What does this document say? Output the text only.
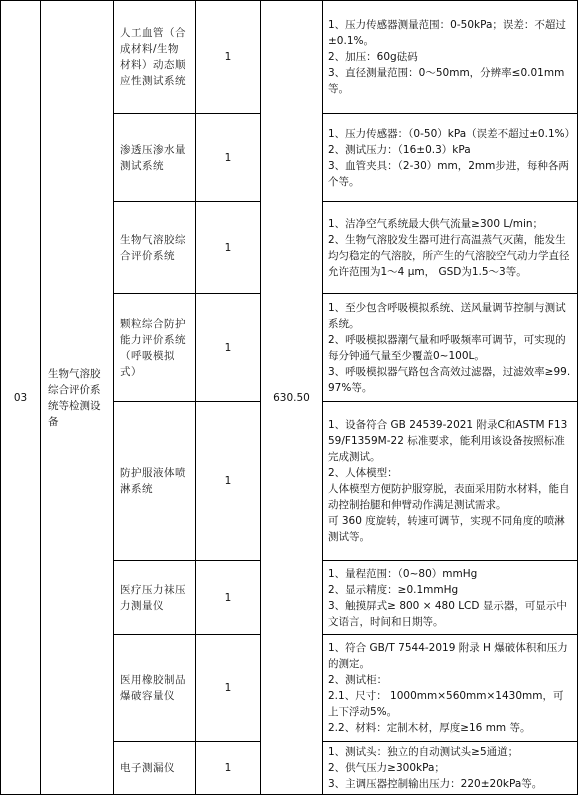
03	生物气溶胶综合评价系统等检测设备	人工血管（合成材料/生物材料）动态顺应性测试系统	1	630.50	1、压力传感器测量范围：0-50kPa；误差：不超过±0.1%。
2、加压：60g砝码
3、直径测量范围：0～50mm，分辨率≤0.01mm等。

		渗透压渗水量测试系统	1		1、压力传感器：（0-50）kPa（误差不超过±0.1%）
2、测试压力：（16±0.3）kPa
3、血管夹具：（2-30）mm，2mm步进，每种各两个等。

		生物气溶胶综合评价系统	1		1、洁净空气系统最大供气流量≥300 L/min；
2、生物气溶胶发生器可进行高温蒸气灭菌，能发生均匀稳定的气溶胶，所产生的气溶胶空气动力学直径允许范围为1～4 μm， GSD为1.5～3等。

		颗粒综合防护能力评价系统（呼吸模拟式）	1		1、至少包含呼吸模拟系统、送风量调节控制与测试系统。
2、呼吸模拟器潮气量和呼吸频率可调节，可实现的每分钟通气量至少覆盖0~100L。
3、呼吸模拟器气路包含高效过滤器，过滤效率≥99.97%等。

		防护服液体喷淋系统	1		1、设备符合 GB 24539-2021 附录C和ASTM F1359/F1359M-22 标准要求，能利用该设备按照标准完成测试。
2、人体模型：
人体模型方便防护服穿脱，表面采用防水材料，能自动控制抬腿和伸臂动作满足测试需求。
可 360 度旋转，转速可调节，实现不同角度的喷淋测试等。

		医疗压力袜压力测量仪	1		1、量程范围：（0~80）mmHg
2、显示精度：≥0.1mmHg
3、触摸屏式≥ 800 × 480 LCD 显示器，可显示中文语言，时间和日期等。

		医用橡胶制品爆破容量仪	1		1、符合 GB/T 7544-2019 附录 H 爆破体积和压力的测定。
2、测试柜：
2.1、尺寸： 1000mm×560mm×1430mm，可上下浮动5%。
2.2、材料：定制木材，厚度≥16 mm 等。

		电子测漏仪	1		1、测试头：独立的自动测试头≥5通道；
2、供气压力≥300kPa；
3、主调压器控制输出压力：220±20kPa等。
